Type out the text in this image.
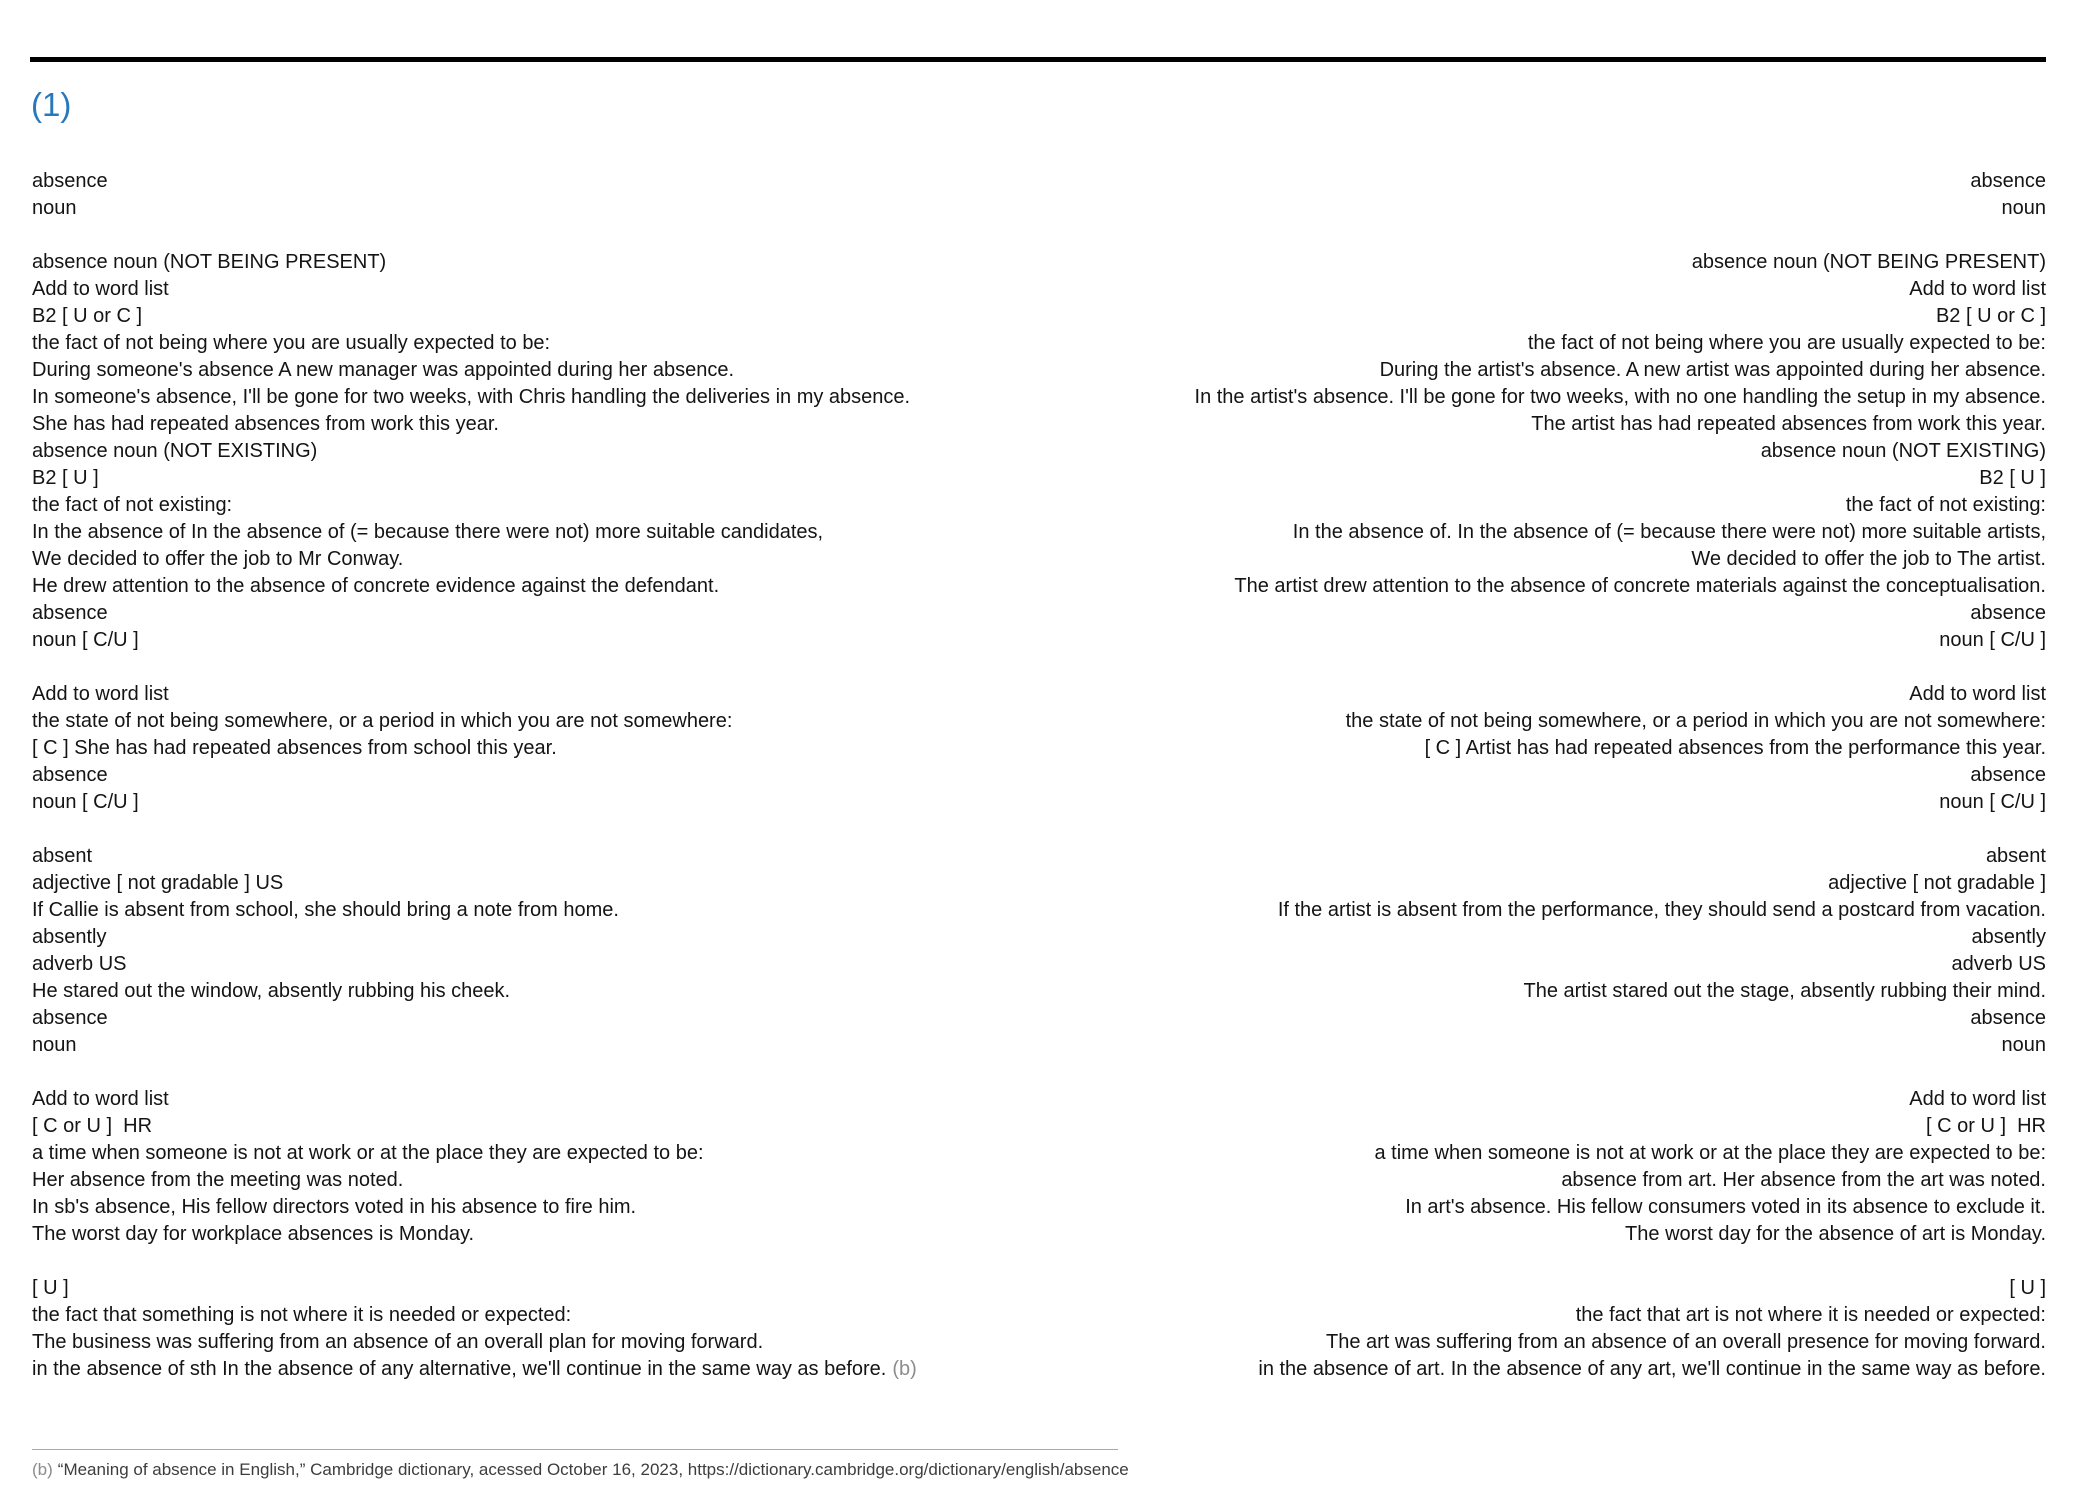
(1)
absence
noun
absence noun (NOT BEING PRESENT)
Add to word list
B2 [ U or C ]
the fact of not being where you are usually expected to be:
During someone's absence A new manager was appointed during her absence.
In someone's absence, I'll be gone for two weeks, with Chris handling the deliveries in my absence.
She has had repeated absences from work this year.
absence noun (NOT EXISTING)
B2 [ U ]
the fact of not existing:
In the absence of In the absence of (= because there were not) more suitable candidates,
We decided to offer the job to Mr Conway.
He drew attention to the absence of concrete evidence against the defendant.
absence
noun [ C/U ]
Add to word list
the state of not being somewhere, or a period in which you are not somewhere:
[ C ] She has had repeated absences from school this year.
absence
noun [ C/U ]
absent
adjective [ not gradable ] US
If Callie is absent from school, she should bring a note from home.
absently
adverb US
He stared out the window, absently rubbing his cheek.
absence
noun
Add to word list
[ C or U ]  HR
a time when someone is not at work or at the place they are expected to be:
Her absence from the meeting was noted.
In sb's absence, His fellow directors voted in his absence to fire him.
The worst day for workplace absences is Monday.
[ U ]
the fact that something is not where it is needed or expected:
The business was suffering from an absence of an overall plan for moving forward.
in the absence of sth In the absence of any alternative, we'll continue in the same way as before. (b)
absence
noun
absence noun (NOT BEING PRESENT)
Add to word list
B2 [ U or C ]
the fact of not being where you are usually expected to be:
During the artist's absence. A new artist was appointed during her absence.
In the artist's absence. I'll be gone for two weeks, with no one handling the setup in my absence.
The artist has had repeated absences from work this year.
absence noun (NOT EXISTING)
B2 [ U ]
the fact of not existing:
In the absence of. In the absence of (= because there were not) more suitable artists,
We decided to offer the job to The artist.
The artist drew attention to the absence of concrete materials against the conceptualisation.
absence
noun [ C/U ]
Add to word list
the state of not being somewhere, or a period in which you are not somewhere:
[ C ] Artist has had repeated absences from the performance this year.
absence
noun [ C/U ]
absent
adjective [ not gradable ]
If the artist is absent from the performance, they should send a postcard from vacation.
absently
adverb US
The artist stared out the stage, absently rubbing their mind.
absence
noun
Add to word list
[ C or U ]  HR
a time when someone is not at work or at the place they are expected to be:
absence from art. Her absence from the art was noted.
In art's absence. His fellow consumers voted in its absence to exclude it.
The worst day for the absence of art is Monday.
[ U ]
the fact that art is not where it is needed or expected:
The art was suffering from an absence of an overall presence for moving forward.
in the absence of art. In the absence of any art, we'll continue in the same way as before.
(b) “Meaning of absence in English,” Cambridge dictionary, acessed October 16, 2023, https://dictionary.cambridge.org/dictionary/english/absence
